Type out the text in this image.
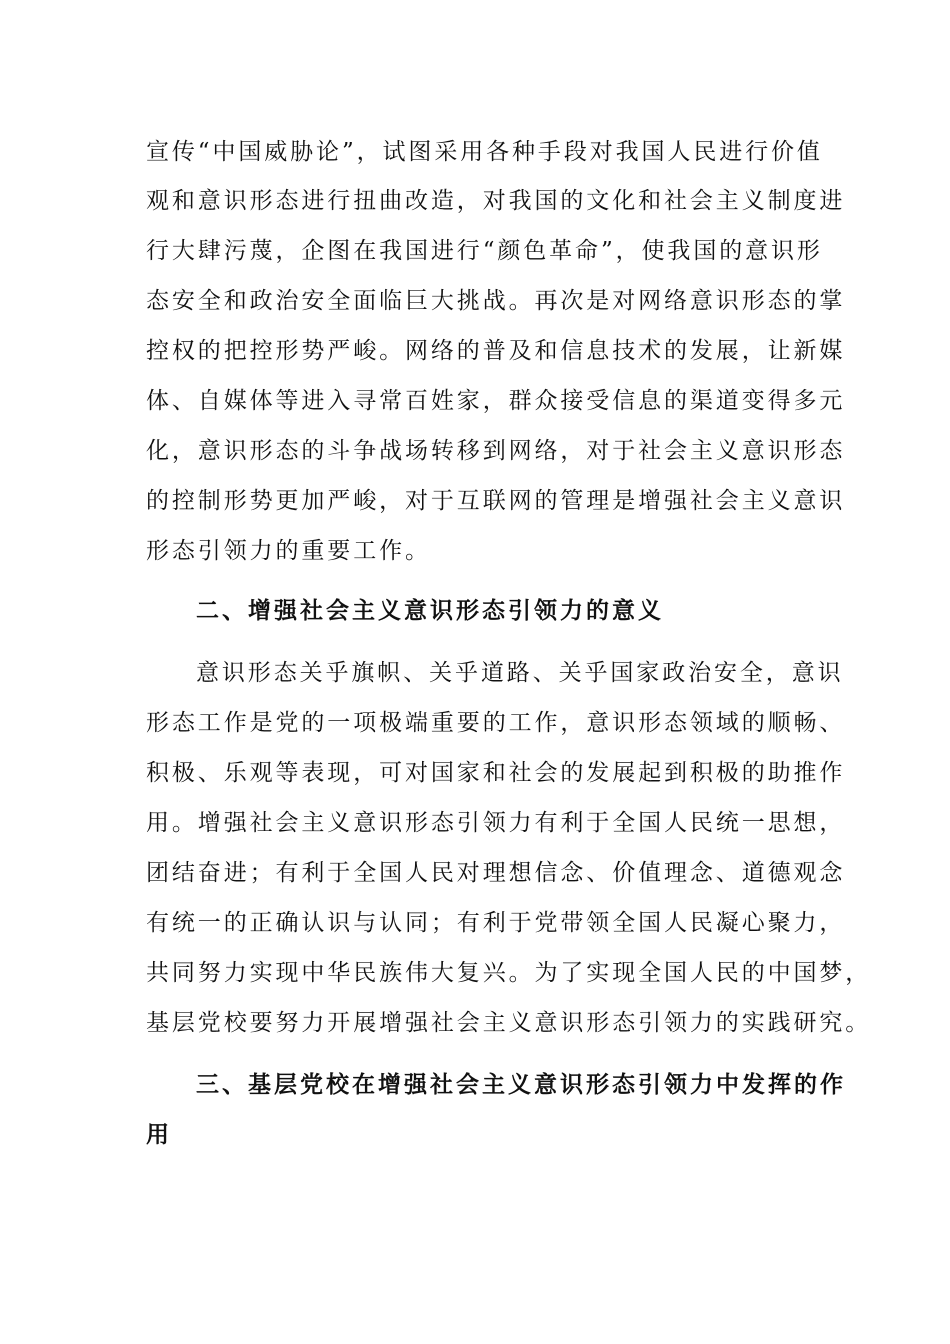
宣传“中国威胁论”，试图采用各种手段对我国人民进行价值
观和意识形态进行扭曲改造，对我国的文化和社会主义制度进
行大肆污蔑，企图在我国进行“颜色革命”，使我国的意识形
态安全和政治安全面临巨大挑战。再次是对网络意识形态的掌
控权的把控形势严峻。网络的普及和信息技术的发展，让新媒
体、自媒体等进入寻常百姓家，群众接受信息的渠道变得多元
化，意识形态的斗争战场转移到网络，对于社会主义意识形态
的控制形势更加严峻，对于互联网的管理是增强社会主义意识
形态引领力的重要工作。
二、增强社会主义意识形态引领力的意义
意识形态关乎旗帜、关乎道路、关乎国家政治安全，意识
形态工作是党的一项极端重要的工作，意识形态领域的顺畅、
积极、乐观等表现，可对国家和社会的发展起到积极的助推作
用。增强社会主义意识形态引领力有利于全国人民统一思想，
团结奋进；有利于全国人民对理想信念、价值理念、道德观念
有统一的正确认识与认同；有利于党带领全国人民凝心聚力，
共同努力实现中华民族伟大复兴。为了实现全国人民的中国梦，
基层党校要努力开展增强社会主义意识形态引领力的实践研究。
三、基层党校在增强社会主义意识形态引领力中发挥的作
用
